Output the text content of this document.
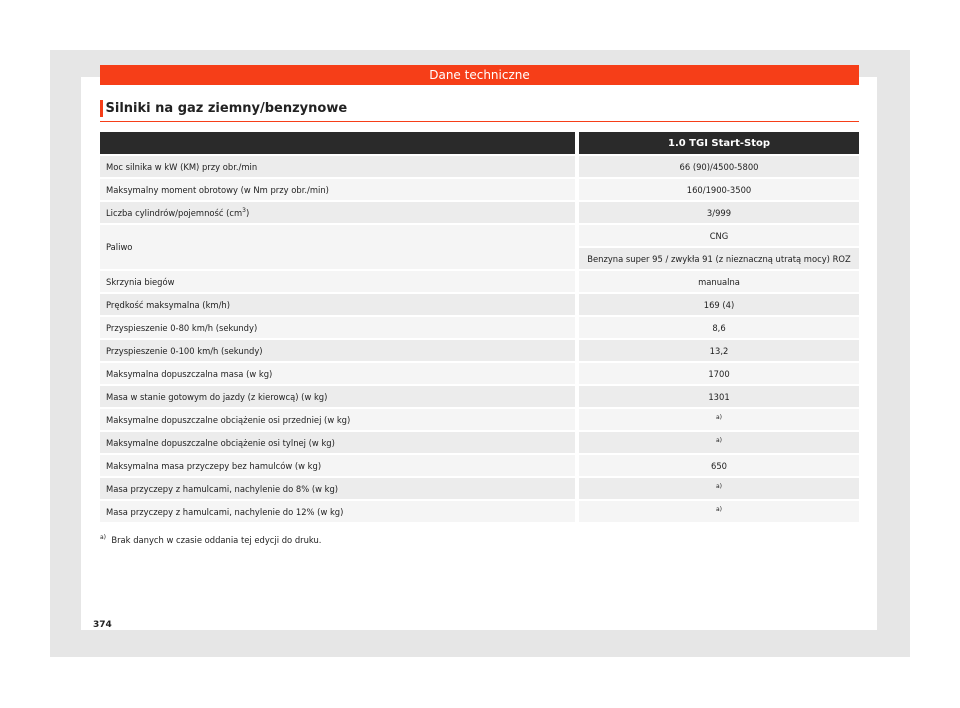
Dane techniczne
Silniki na gaz ziemny/benzynowe
		1.0 TGI Start-Stop
Moc silnika w kW (KM) przy obr./min		66 (90)/4500-5800
Maksymalny moment obrotowy (w Nm przy obr./min)		160/1900-3500
Liczba cylindrów/pojemność $(cm^3)$		3/999
Paliwo		CNG
		Benzyna super 95 / zwykła 91 (z nieznaczną utratą mocy) ROZ
Skrzynia biegów		manualna
Prędkość maksymalna (km/h)		169 (4)
Przyspieszenie 0-80 km/h (sekundy)		8,6
Przyspieszenie 0-100 km/h (sekundy)		13,2
Maksymalna dopuszczalna masa (w kg)		1700
Masa w stanie gotowym do jazdy (z kierowcą) (w kg)		1301
Maksymalne dopuszczalne obciążenie osi przedniej (w kg)		$^{a)}$
Maksymalne dopuszczalne obciążenie osi tylnej (w kg)		$^{a)}$
Maksymalna masa przyczepy bez hamulców (w kg)		650
Masa przyczepy z hamulcami, nachylenie do 8% (w kg)		$^{a)}$
Masa przyczepy z hamulcami, nachylenie do 12% (w kg)		$^{a)}$
$^{a)}$ Brak danych w czasie oddania tej edycji do druku.
374
